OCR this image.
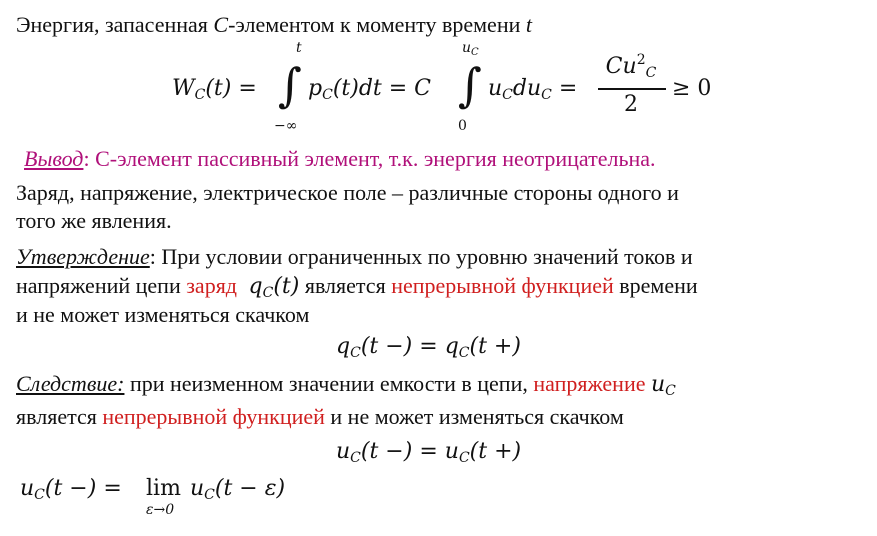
Энергия, запасенная С-элементом к моменту времени t
$W_C(t)$ =
t
∫
−∞
$p_C(t)dt = C$
$u_C$
∫
0
$u_Cdu_C$ =
$Cu^2_C$
2
≥ 0
Вывод: С-элемент пассивный элемент, т.к. энергия неотрицательна.
Заряд, напряжение, электрическое поле – различные стороны одного и
того же явления.
Утверждение: При условии ограниченных по уровню значений токов и
напряжений цепи заряд $q_C(t)$ является непрерывной функцией времени
и не может изменяться скачком
$q_C(t$ −) = $q_C(t$ +)
Следствие: при неизменном значении емкости в цепи, напряжение $u_C$
является непрерывной функцией и не может изменяться скачком
$u_C(t$ −) = $u_C(t$ +)
$u_C(t$ −) = lim
ε→0
$u_C(t - \varepsilon)$
